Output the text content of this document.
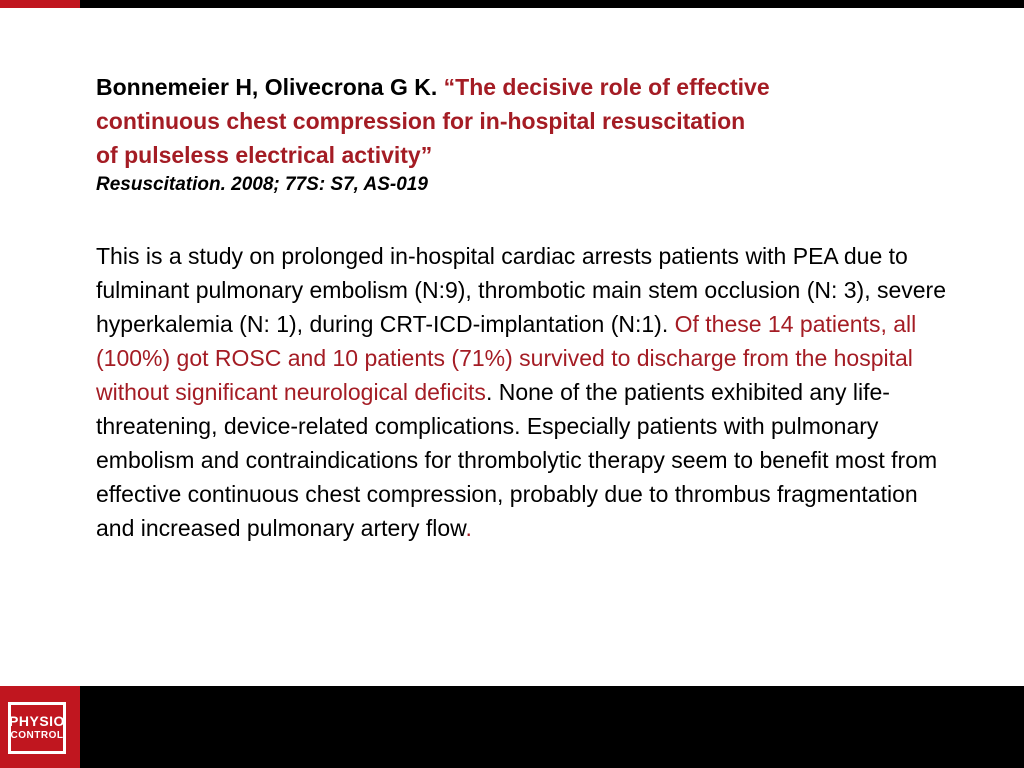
Bonnemeier H, Olivecrona G K. “The decisive role of effective
continuous chest compression for in-hospital resuscitation
of pulseless electrical activity”
Resuscitation. 2008; 77S: S7, AS-019
This is a study on prolonged in-hospital cardiac arrests patients with PEA due to fulminant pulmonary embolism (N:9), thrombotic main stem occlusion (N: 3), severe hyperkalemia (N: 1), during CRT-ICD-implantation (N:1). Of these 14 patients, all (100%) got ROSC and 10 patients (71%) survived to discharge from the hospital without significant neurological deficits. None of the patients exhibited any life-threatening, device-related complications. Especially patients with pulmonary embolism and contraindications for thrombolytic therapy seem to benefit most from effective continuous chest compression, probably due to thrombus fragmentation and increased pulmonary artery flow.
PHYSIO
CONTROL
